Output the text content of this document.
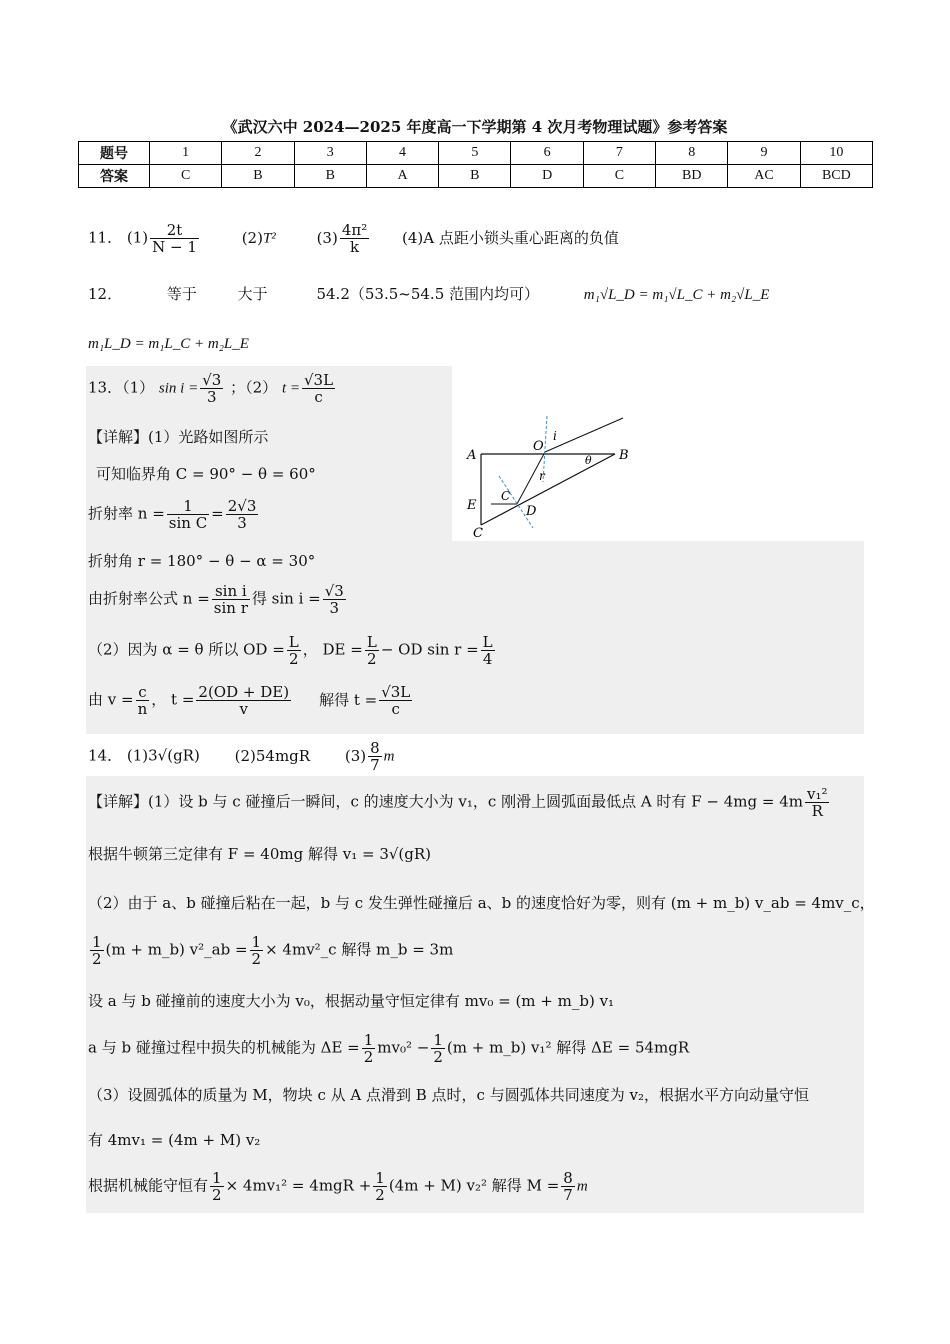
《武汉六中 2024—2025 年度高一下学期第 4 次月考物理试题》参考答案
题号	1	2	3	4	5	6	7	8	9	10
答案	C	B	B	A	B	D	C	BD	AC	BCD
11． $(1) \frac{2t}{N - 1}$	(2)T²	$(3) \frac{\text{4π²}}{k} (4)A$ 点距小锁头重心距离的负值
12．	等于	大于	54.2（53.5~54.5 范围内均可）	m₁√L_D = m₁√L_C + m₂√L_E
m₁L_D = m₁L_C + m₂L_E
13．（1） $\sin i = \frac{√3}{3}$ ；（2） $t = \frac{√3L}{c}$
【详解】(1）光路如图所示
可知临界角 C = 90° − θ = 60°
折射率 $n = \frac{1}{\text{sin C}} = \frac{2√3}{3}$
折射角 r = 180° − θ − α = 30°
由折射率公式 $n = \frac{\text{sin i}}{\text{sin r}}$ 得 $\sin i = \frac{√3}{3}$
（2）因为 α = θ 所以 OD = $\frac{L}{2}$ ， DE = $\frac{L}{2}$ − OD $\sin r = \frac{L}{4}$
由 $v = \frac{c}{n}$ ， $t = \frac{2(OD + DE)}{v}$ 解得 $t = \frac{√3L}{c}$
A	B
C
D
E
O
i
r
θ
C
14． (1)3√(gR) (2)54mgR $(3) \frac{8}{7}$ m
【详解】(1）设 b 与 c 碰撞后一瞬间，c 的速度大小为 v₁，c 刚滑上圆弧面最低点 A 时有 $F - 4mg = 4m \frac{\text{v₁²}}{R}$
根据牛顿第三定律有 F = 40mg 解得 v₁ = 3√(gR)
（2）由于 a、b 碰撞后粘在一起，b 与 c 发生弹性碰撞后 a、b 的速度恰好为零，则有 (m + m_b) v_ab = 4mv_c，
$\frac{1}{2} (m$ + m_b) v²_ab = $\frac{1}{2}$ × 4mv²_c 解得 m_b = 3m
设 a 与 b 碰撞前的速度大小为 v₀，根据动量守恒定律有 mv₀ = (m + m_b) v₁
a 与 b 碰撞过程中损失的机械能为 $\Delta E = \frac{1}{2} mv_0^2 - \frac{1}{2} (m$ + m_b) v₁² 解得 ΔE = 54mgR
（3）设圆弧体的质量为 M，物块 c 从 A 点滑到 B 点时，c 与圆弧体共同速度为 v₂，根据水平方向动量守恒
有 4mv₁ = (4m + M) v₂
根据机械能守恒有 $\frac{1}{2} \times 4mv_1^2 = 4mgR + \frac{1}{2} (4m + M)$ v₂² 解得 $M = \frac{8}{7}$ m
